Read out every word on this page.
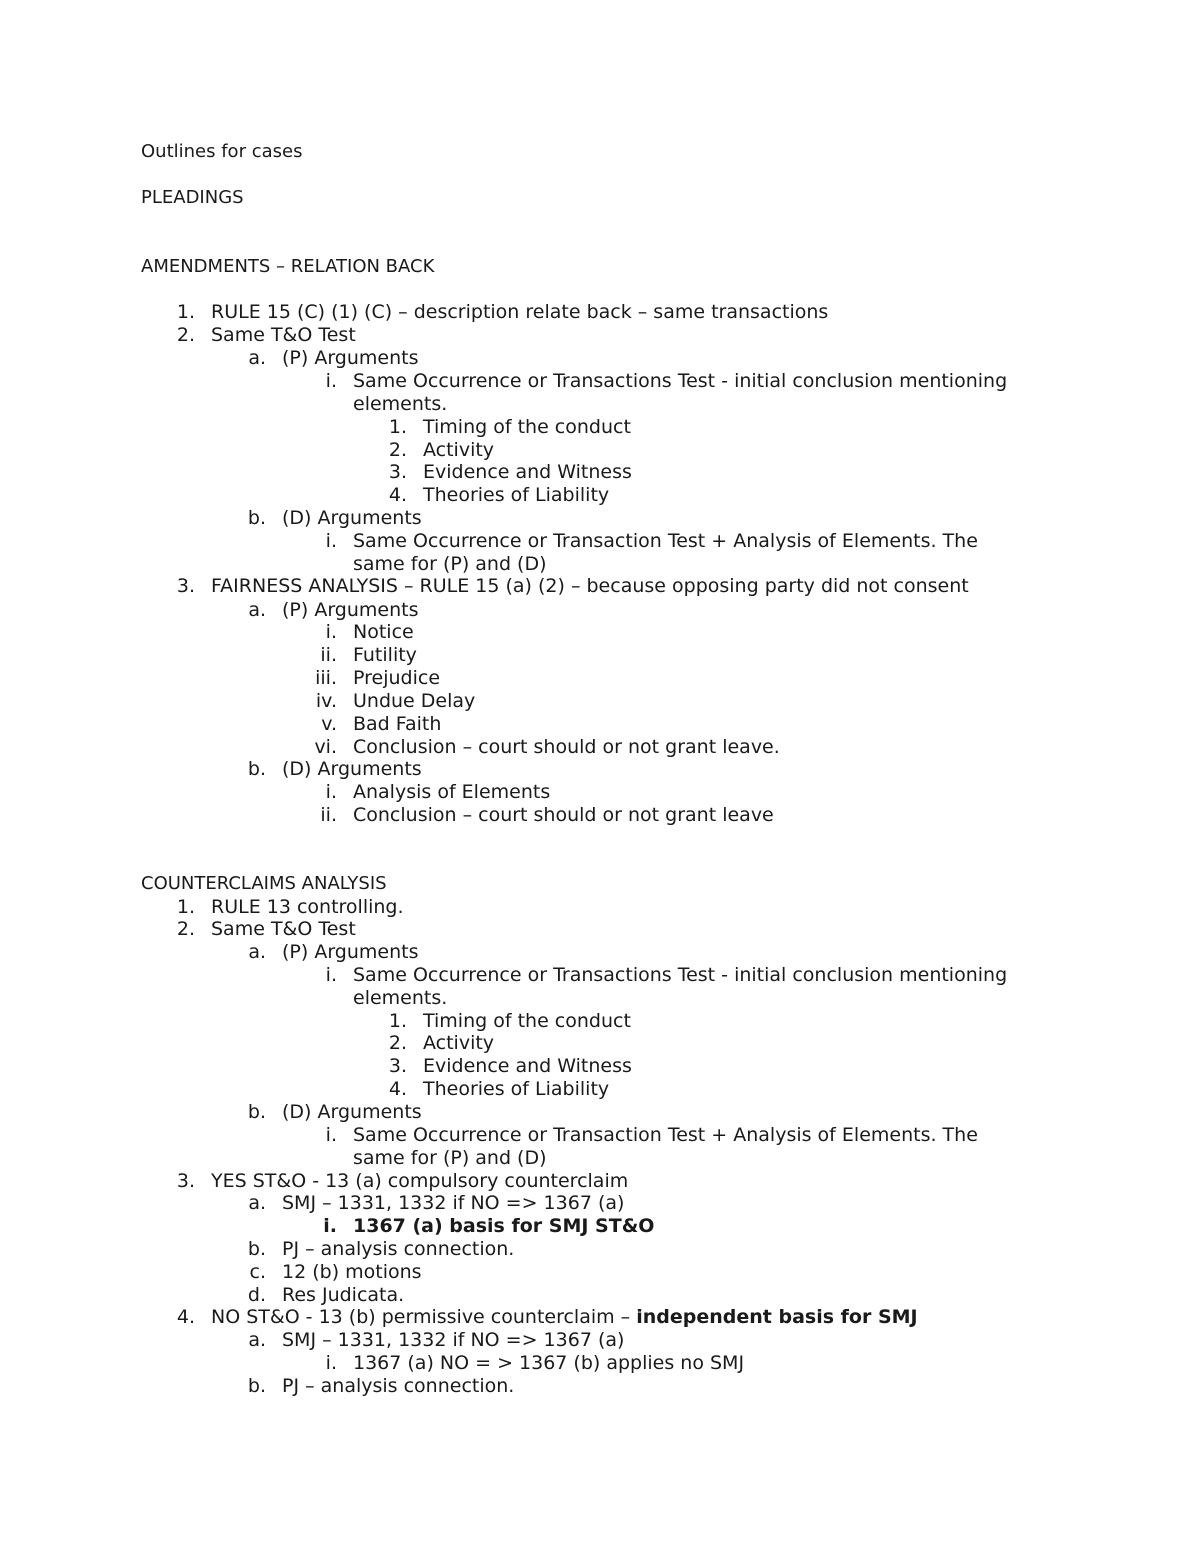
Outlines for cases
PLEADINGS
AMENDMENTS – RELATION BACK
1. RULE 15 (C) (1) (C) – description relate back – same transactions
2. Same T&O Test
a. (P) Arguments
i. Same Occurrence or Transactions Test - initial conclusion mentioning
elements.
1. Timing of the conduct
2. Activity
3. Evidence and Witness
4. Theories of Liability
b. (D) Arguments
i. Same Occurrence or Transaction Test + Analysis of Elements. The
same for (P) and (D)
3. FAIRNESS ANALYSIS – RULE 15 (a) (2) – because opposing party did not consent
a. (P) Arguments
i. Notice
ii. Futility
iii. Prejudice
iv. Undue Delay
v. Bad Faith
vi. Conclusion – court should or not grant leave.
b. (D) Arguments
i. Analysis of Elements
ii. Conclusion – court should or not grant leave
COUNTERCLAIMS ANALYSIS
1. RULE 13 controlling.
2. Same T&O Test
a. (P) Arguments
i. Same Occurrence or Transactions Test - initial conclusion mentioning
elements.
1. Timing of the conduct
2. Activity
3. Evidence and Witness
4. Theories of Liability
b. (D) Arguments
i. Same Occurrence or Transaction Test + Analysis of Elements. The
same for (P) and (D)
3. YES ST&O - 13 (a) compulsory counterclaim
a. SMJ – 1331, 1332 if NO => 1367 (a)
i. 1367 (a) basis for SMJ ST&O
b. PJ – analysis connection.
c. 12 (b) motions
d. Res Judicata.
4. NO ST&O - 13 (b) permissive counterclaim – independent basis for SMJ
a. SMJ – 1331, 1332 if NO => 1367 (a)
i. 1367 (a) NO = > 1367 (b) applies no SMJ
b. PJ – analysis connection.
